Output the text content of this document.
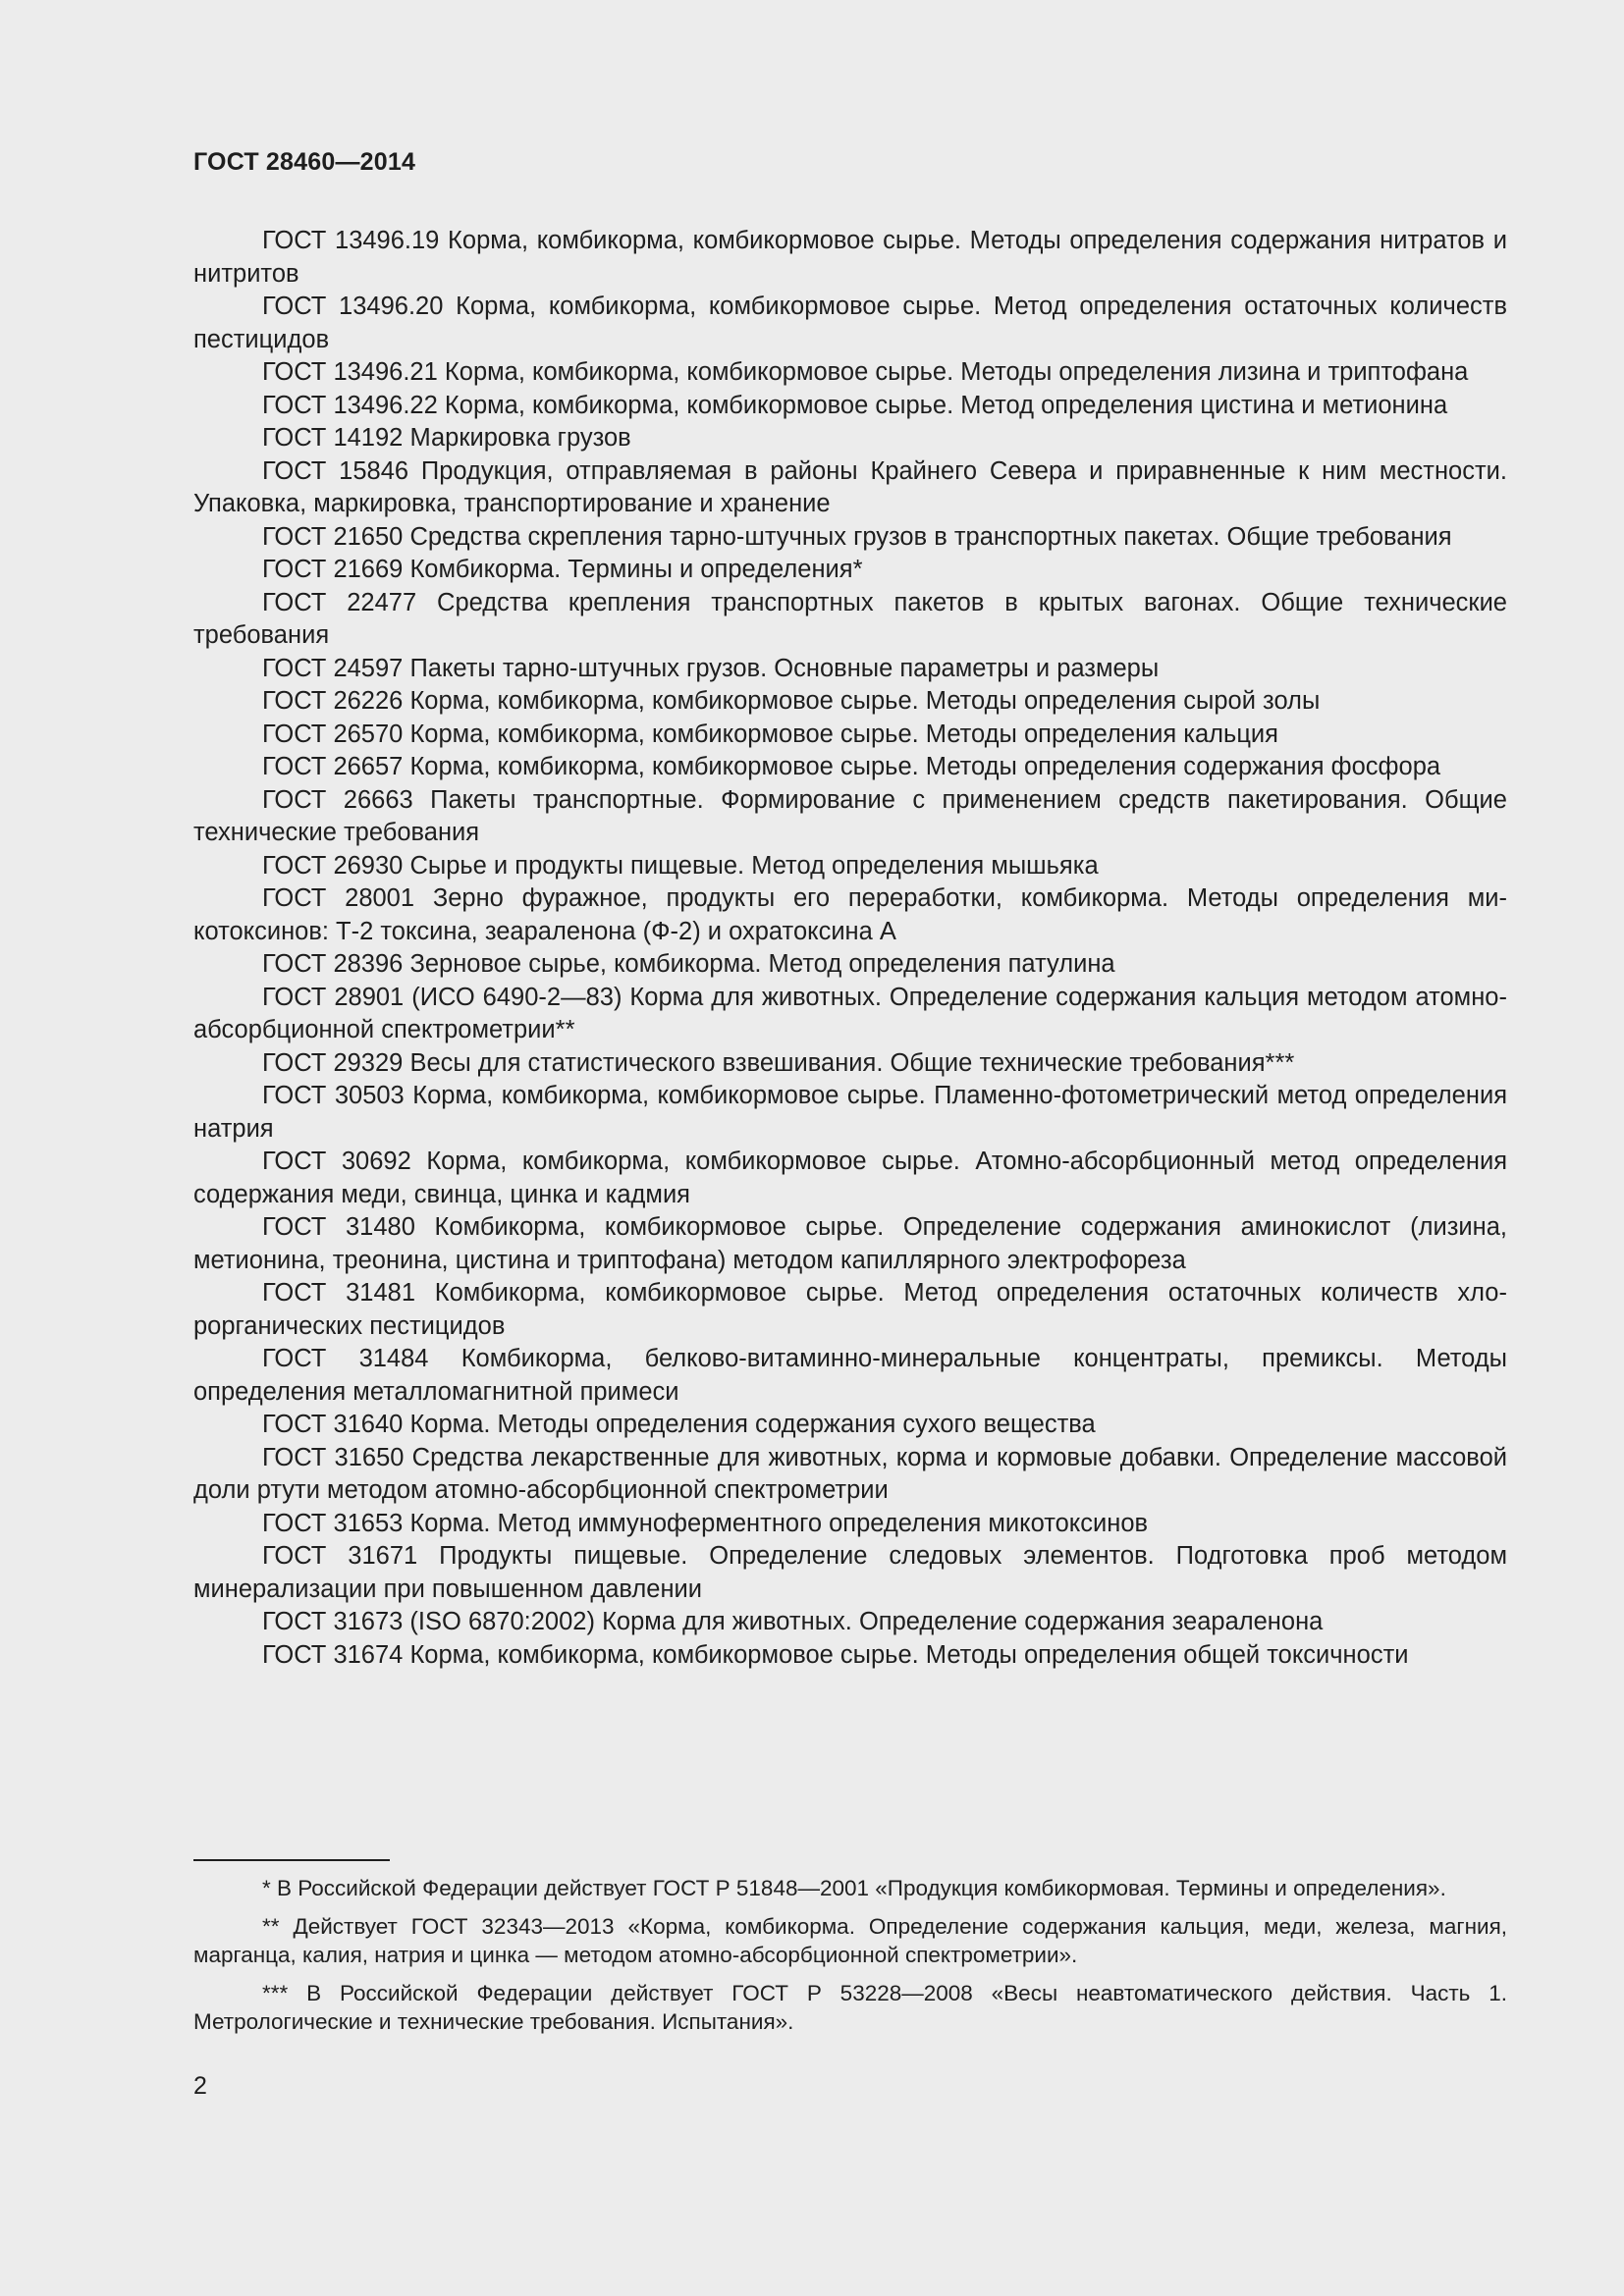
ГОСТ 28460—2014

ГОСТ 13496.19 Корма, комбикорма, комбикормовое сырье. Методы определения содержания нитратов и нитритов

ГОСТ 13496.20 Корма, комбикорма, комбикормовое сырье. Метод определения остаточных количеств пестицидов

ГОСТ 13496.21 Корма, комбикорма, комбикормовое сырье. Методы определения лизина и триптофана

ГОСТ 13496.22 Корма, комбикорма, комбикормовое сырье. Метод определения цистина и метионина

ГОСТ 14192 Маркировка грузов

ГОСТ 15846 Продукция, отправляемая в районы Крайнего Севера и приравненные к ним местности. Упаковка, маркировка, транспортирование и хранение

ГОСТ 21650 Средства скрепления тарно-штучных грузов в транспортных пакетах. Общие требования

ГОСТ 21669 Комбикорма. Термины и определения*

ГОСТ 22477 Средства крепления транспортных пакетов в крытых вагонах. Общие технические требования

ГОСТ 24597 Пакеты тарно-штучных грузов. Основные параметры и размеры

ГОСТ 26226 Корма, комбикорма, комбикормовое сырье. Методы определения сырой золы

ГОСТ 26570 Корма, комбикорма, комбикормовое сырье. Методы определения кальция

ГОСТ 26657 Корма, комбикорма, комбикормовое сырье. Методы определения содержания фосфора

ГОСТ 26663 Пакеты транспортные. Формирование с применением средств пакетирования. Общие технические требования

ГОСТ 26930 Сырье и продукты пищевые. Метод определения мышьяка

ГОСТ 28001 Зерно фуражное, продукты его переработки, комбикорма. Методы определения микотоксинов: Т-2 токсина, зеараленона (Ф-2) и охратоксина А

ГОСТ 28396 Зерновое сырье, комбикорма. Метод определения патулина

ГОСТ 28901 (ИСО 6490-2—83) Корма для животных. Определение содержания кальция методом атомно-абсорбционной спектрометрии**

ГОСТ 29329 Весы для статистического взвешивания. Общие технические требования***

ГОСТ 30503 Корма, комбикорма, комбикормовое сырье. Пламенно-фотометрический метод определения натрия

ГОСТ 30692 Корма, комбикорма, комбикормовое сырье. Атомно-абсорбционный метод определения содержания меди, свинца, цинка и кадмия

ГОСТ 31480 Комбикорма, комбикормовое сырье. Определение содержания аминокислот (лизина, метионина, треонина, цистина и триптофана) методом капиллярного электрофореза

ГОСТ 31481 Комбикорма, комбикормовое сырье. Метод определения остаточных количеств хлорорганических пестицидов

ГОСТ 31484 Комбикорма, белково-витаминно-минеральные концентраты, премиксы. Методы определения металломагнитной примеси

ГОСТ 31640 Корма. Методы определения содержания сухого вещества

ГОСТ 31650 Средства лекарственные для животных, корма и кормовые добавки. Определение массовой доли ртути методом атомно-абсорбционной спектрометрии

ГОСТ 31653 Корма. Метод иммуноферментного определения микотоксинов

ГОСТ 31671 Продукты пищевые. Определение следовых элементов. Подготовка проб методом минерализации при повышенном давлении

ГОСТ 31673 (ISO 6870:2002) Корма для животных. Определение содержания зеараленона

ГОСТ 31674 Корма, комбикорма, комбикормовое сырье. Методы определения общей токсичности

* В Российской Федерации действует ГОСТ Р 51848—2001 «Продукция комбикормовая. Термины и определения».

** Действует ГОСТ 32343—2013 «Корма, комбикорма. Определение содержания кальция, меди, железа, магния, марганца, калия, натрия и цинка — методом атомно-абсорбционной спектрометрии».

*** В Российской Федерации действует ГОСТ Р 53228—2008 «Весы неавтоматического действия. Часть 1. Метрологические и технические требования. Испытания».

2
